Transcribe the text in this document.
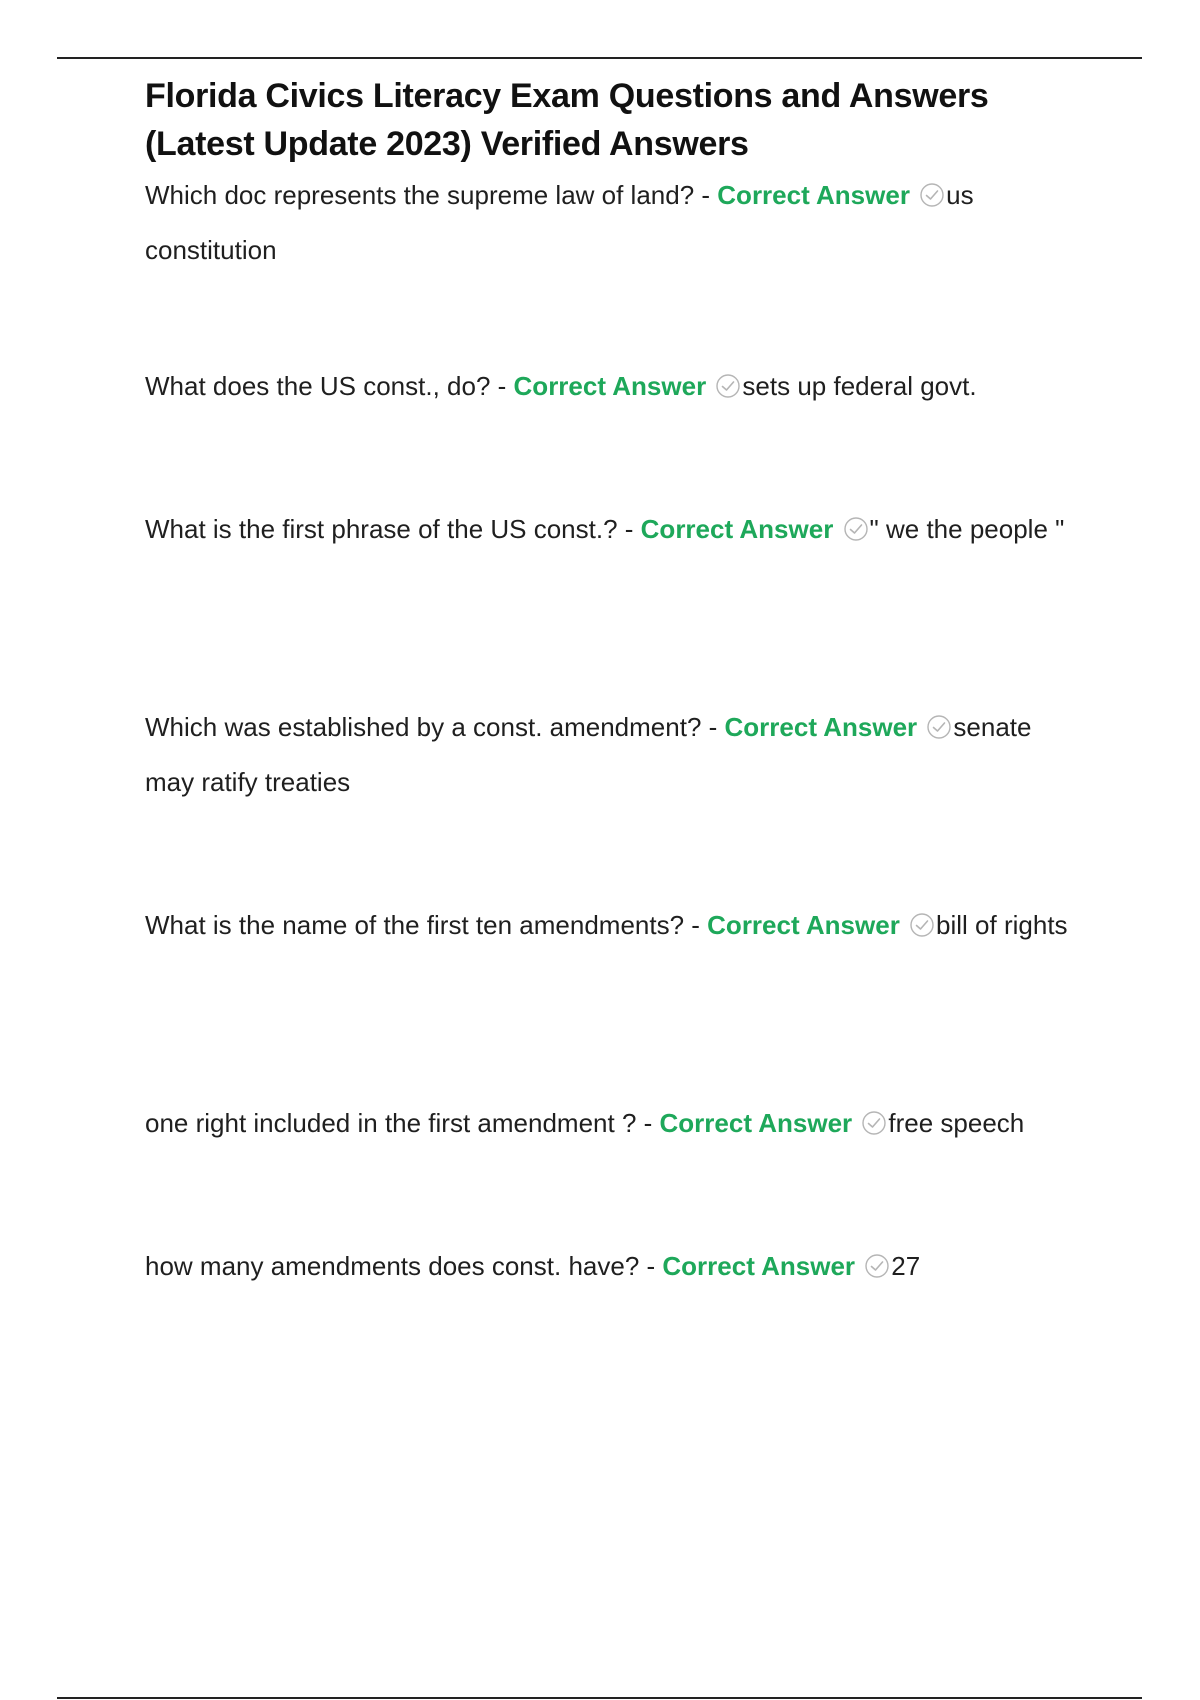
Florida Civics Literacy Exam Questions and Answers (Latest Update 2023) Verified Answers

Which doc represents the supreme law of land? - Correct Answer us constitution

What does the US const., do? - Correct Answer sets up federal govt.

What is the first phrase of the US const.? - Correct Answer " we the people "

Which was established by a const. amendment? - Correct Answer senate may ratify treaties

What is the name of the first ten amendments? - Correct Answer bill of rights

one right included in the first amendment ? - Correct Answer free speech

how many amendments does const. have? - Correct Answer 27
